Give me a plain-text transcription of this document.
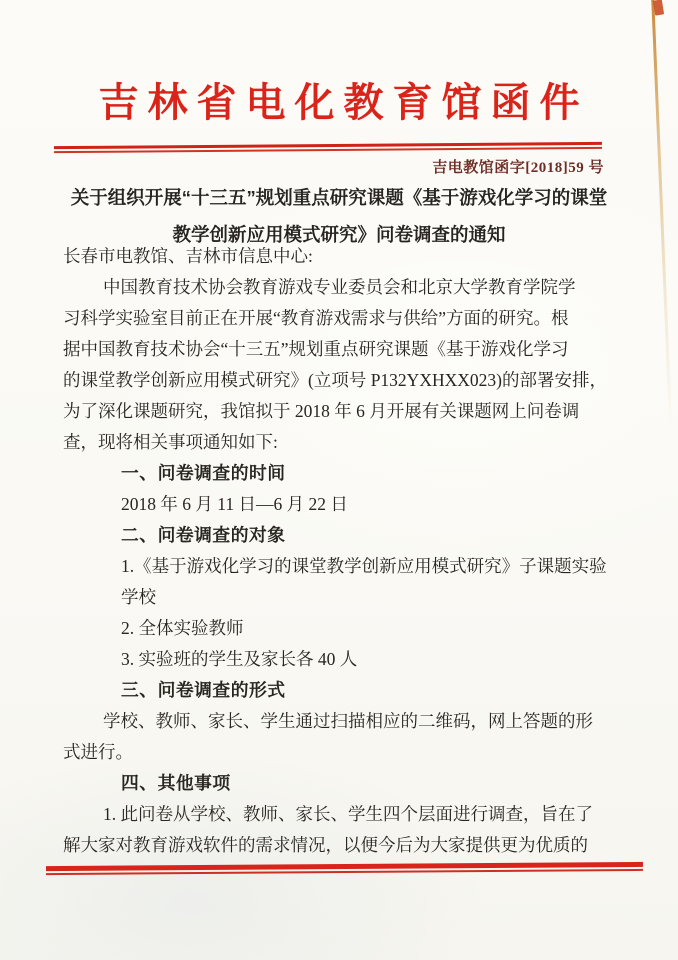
吉林省电化教育馆函件
吉电教馆函字[2018]59 号
关于组织开展“十三五”规划重点研究课题《基于游戏化学习的课堂
教学创新应用模式研究》问卷调查的通知
长春市电教馆、吉林市信息中心:
中国教育技术协会教育游戏专业委员会和北京大学教育学院学
习科学实验室目前正在开展“教育游戏需求与供给”方面的研究。根
据中国教育技术协会“十三五”规划重点研究课题《基于游戏化学习
的课堂教学创新应用模式研究》(立项号 P132YXHXX023)的部署安排，
为了深化课题研究，我馆拟于 2018 年 6 月开展有关课题网上问卷调
查，现将相关事项通知如下:
一、问卷调查的时间
2018 年 6 月 11 日—6 月 22 日
二、问卷调查的对象
1.《基于游戏化学习的课堂教学创新应用模式研究》子课题实验
学校
2. 全体实验教师
3. 实验班的学生及家长各 40 人
三、问卷调查的形式
学校、教师、家长、学生通过扫描相应的二维码，网上答题的形
式进行。
四、其他事项
1. 此问卷从学校、教师、家长、学生四个层面进行调查，旨在了
解大家对教育游戏软件的需求情况，以便今后为大家提供更为优质的
